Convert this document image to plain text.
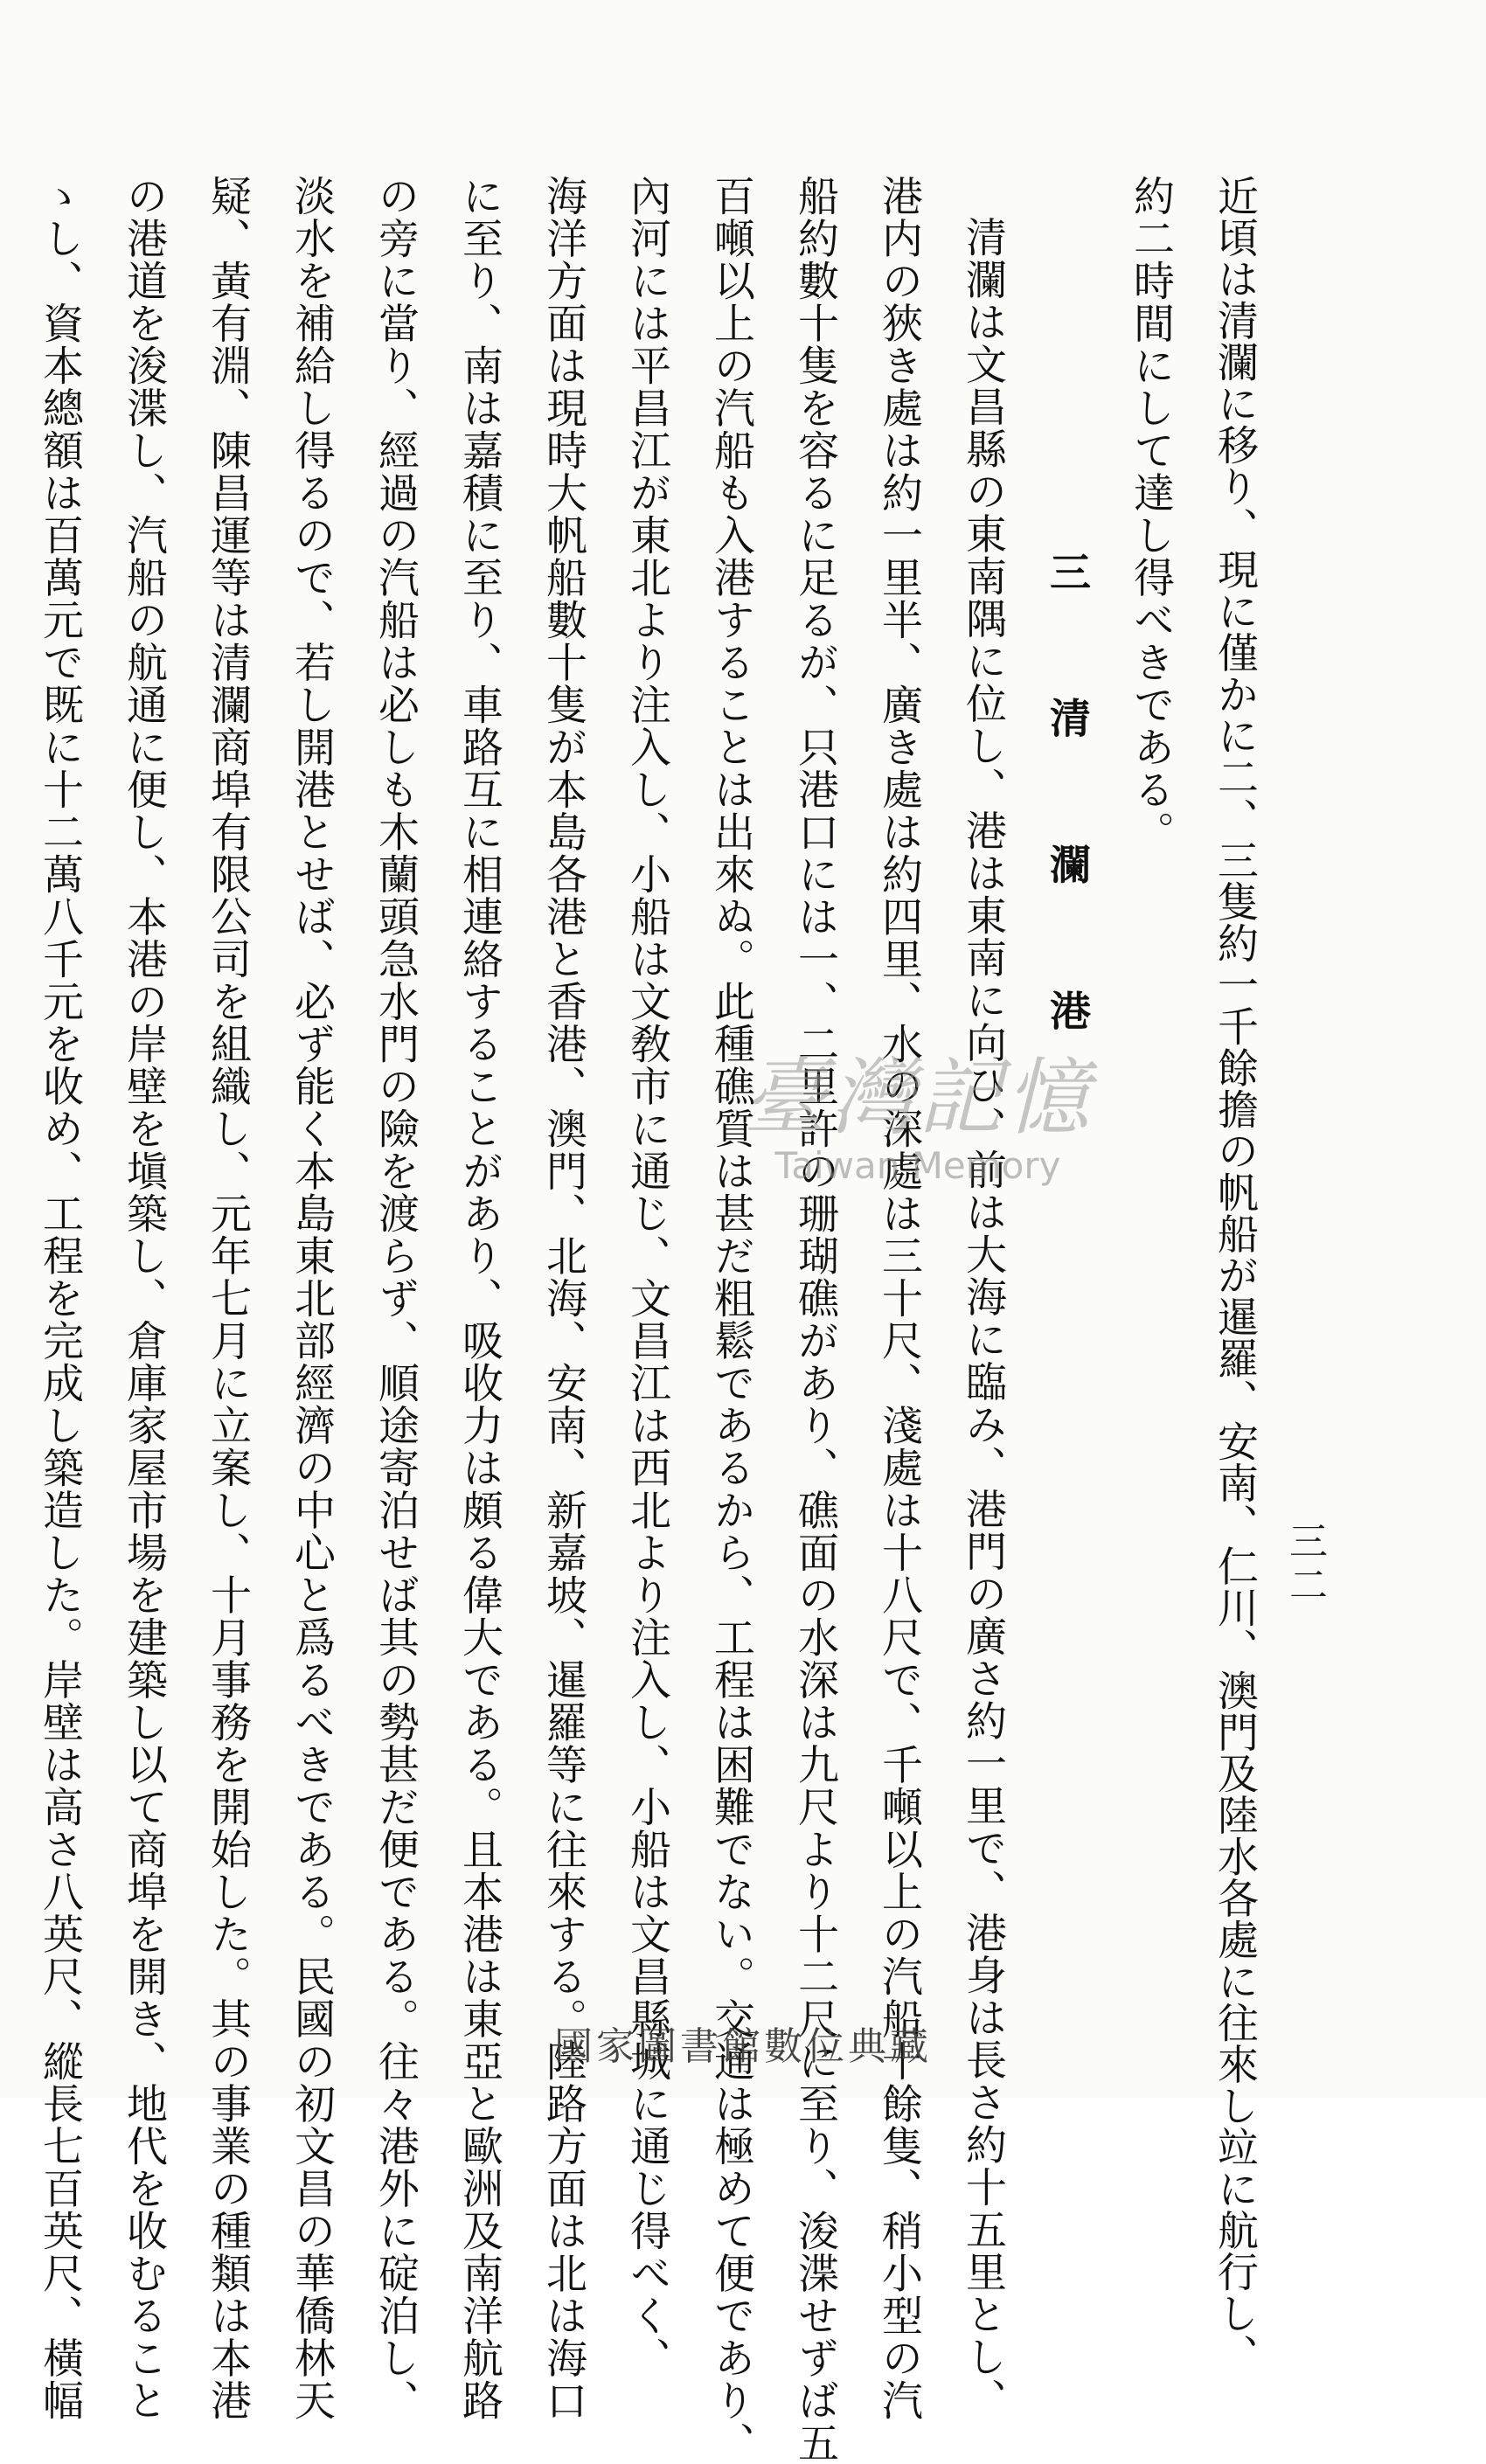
三二
近頃は清瀾に移り、現に僅かに二、三隻約一千餘擔の帆船が暹羅、安南、仁川、澳門及陸水各處に往來し竝に航行し、
約二時間にして達し得べきである。
三 清 瀾 港
清瀾は文昌縣の東南隅に位し、港は東南に向ひ、前は大海に臨み、港門の廣さ約一里で、港身は長さ約十五里とし、
港内の狹き處は約一里半、廣き處は約四里、水の深處は三十尺、淺處は十八尺で、千噸以上の汽船十餘隻、稍小型の汽
船約數十隻を容るに足るが、只港口には一、二里許の珊瑚礁があり、礁面の水深は九尺より十二尺に至り、浚渫せずば五
百噸以上の汽船も入港することは出來ぬ。此種礁質は甚だ粗鬆であるから、工程は困難でない。交通は極めて便であり、
內河には平昌江が東北より注入し、小船は文敎市に通じ、文昌江は西北より注入し、小船は文昌縣城に通じ得べく、
海洋方面は現時大帆船數十隻が本島各港と香港、澳門、北海、安南、新嘉坡、暹羅等に往來する。陸路方面は北は海口
に至り、南は嘉積に至り、車路互に相連絡することがあり、吸收力は頗る偉大である。且本港は東亞と歐洲及南洋航路
の旁に當り、經過の汽船は必しも木蘭頭急水門の險を渡らず、順途寄泊せば其の勢甚だ便である。往々港外に碇泊し、
淡水を補給し得るので、若し開港とせば、必ず能く本島東北部經濟の中心と爲るべきである。民國の初文昌の華僑林天
疑、黃有淵、陳昌運等は清瀾商埠有限公司を組織し、元年七月に立案し、十月事務を開始した。其の事業の種類は本港
の港道を浚渫し、汽船の航通に便し、本港の岸壁を塡築し、倉庫家屋市場を建築し以て商埠を開き、地代を收むること
ゝし、資本總額は百萬元で既に十二萬八千元を收め、工程を完成し築造した。岸壁は高さ八英尺、縱長七百英尺、橫幅	臺灣記憶
Taiwan Memory
國家圖書館數位典藏
